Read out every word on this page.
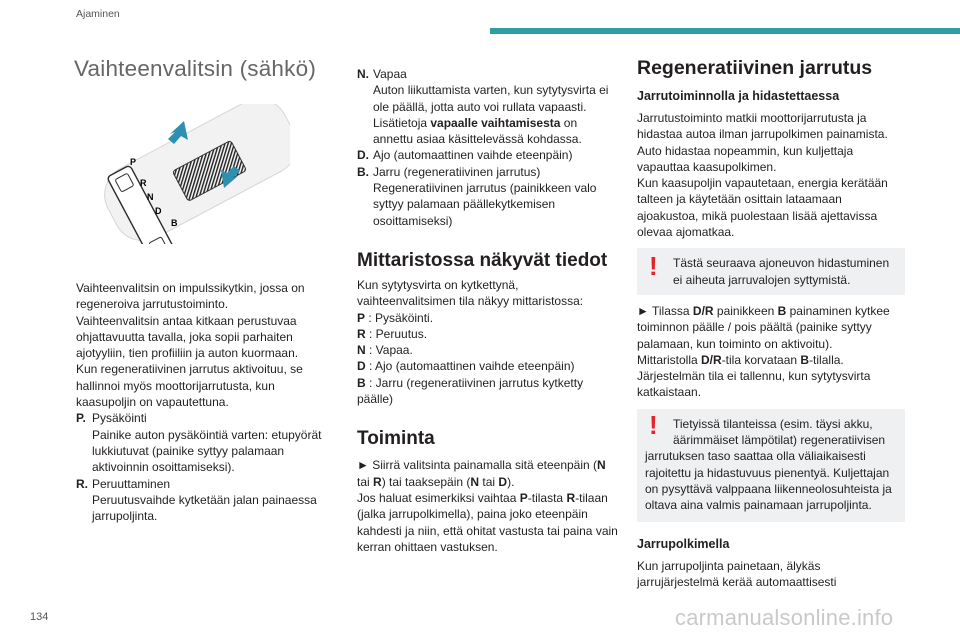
Ajaminen
Vaihteenvalitsin (sähkö)
P
R
N
D
B

Vaihteenvalitsin on impulssikytkin, jossa on regeneroiva jarrutustoiminto.

Vaihteenvalitsin antaa kitkaan perustuvaa ohjattavuutta tavalla, joka sopii parhaiten ajotyyliin, tien profiiliin ja auton kuormaan.

Kun regeneratiivinen jarrutus aktivoituu, se hallinnoi myös moottorijarrutusta, kun kaasupoljin on vapautettuna.

P. Pysäköinti
Painike auton pysäköintiä varten: etupyörät lukkiutuvat (painike syttyy palamaan aktivoinnin osoittamiseksi).
R. Peruuttaminen
Peruutusvaihde kytketään jalan painaessa jarrupoljinta.
N. Vapaa
Auton liikuttamista varten, kun sytytysvirta ei ole päällä, jotta auto voi rullata vapaasti. Lisätietoja vapaalle vaihtamisesta on annettu asiaa käsittelevässä kohdassa.
D. Ajo (automaattinen vaihde eteenpäin)
B. Jarru (regeneratiivinen jarrutus)
Regeneratiivinen jarrutus (painikkeen valo syttyy palamaan päällekytkemisen osoittamiseksi)
Mittaristossa näkyvät tiedot

Kun sytytysvirta on kytkettynä, vaihteenvalitsimen tila näkyy mittaristossa:

P : Pysäköinti.

R : Peruutus.

N : Vapaa.

D : Ajo (automaattinen vaihde eteenpäin)

B : Jarru (regeneratiivinen jarrutus kytketty päälle)

Toiminta

► Siirrä valitsinta painamalla sitä eteenpäin (N tai R) tai taaksepäin (N tai D).

Jos haluat esimerkiksi vaihtaa P-tilasta R-tilaan (jalka jarrupolkimella), paina joko eteenpäin kahdesti ja niin, että ohitat vastusta tai paina vain kerran ohittaen vastuksen.

Regeneratiivinen jarrutus
Jarrutoiminnolla ja hidastettaessa

Jarrutustoiminto matkii moottorijarrutusta ja hidastaa autoa ilman jarrupolkimen painamista. Auto hidastaa nopeammin, kun kuljettaja vapauttaa kaasupolkimen.

Kun kaasupoljin vapautetaan, energia kerätään talteen ja käytetään osittain lataamaan ajoakustoa, mikä puolestaan lisää ajettavissa olevaa ajomatkaa.

! Tästä seuraava ajoneuvon hidastuminen ei aiheuta jarruvalojen syttymistä.

► Tilassa D/R painikkeen B painaminen kytkee toiminnon päälle / pois päältä (painike syttyy palamaan, kun toiminto on aktivoitu).

Mittaristolla D/R-tila korvataan B-tilalla.

Järjestelmän tila ei tallennu, kun sytytysvirta katkaistaan.

!	Tietyissä tilanteissa (esim. täysi akku, äärimmäiset lämpötilat) regeneratiivisen
jarrutuksen taso saattaa olla väliaikaisesti rajoitettu ja hidastuvuus pienentyä. Kuljettajan on pysyttävä valppaana liikenneolosuhteista ja oltava aina valmis painamaan jarrupoljinta.
Jarrupolkimella

Kun jarrupoljinta painetaan, älykäs jarrujärjestelmä kerää automaattisesti

134	carmanualsonline.info
